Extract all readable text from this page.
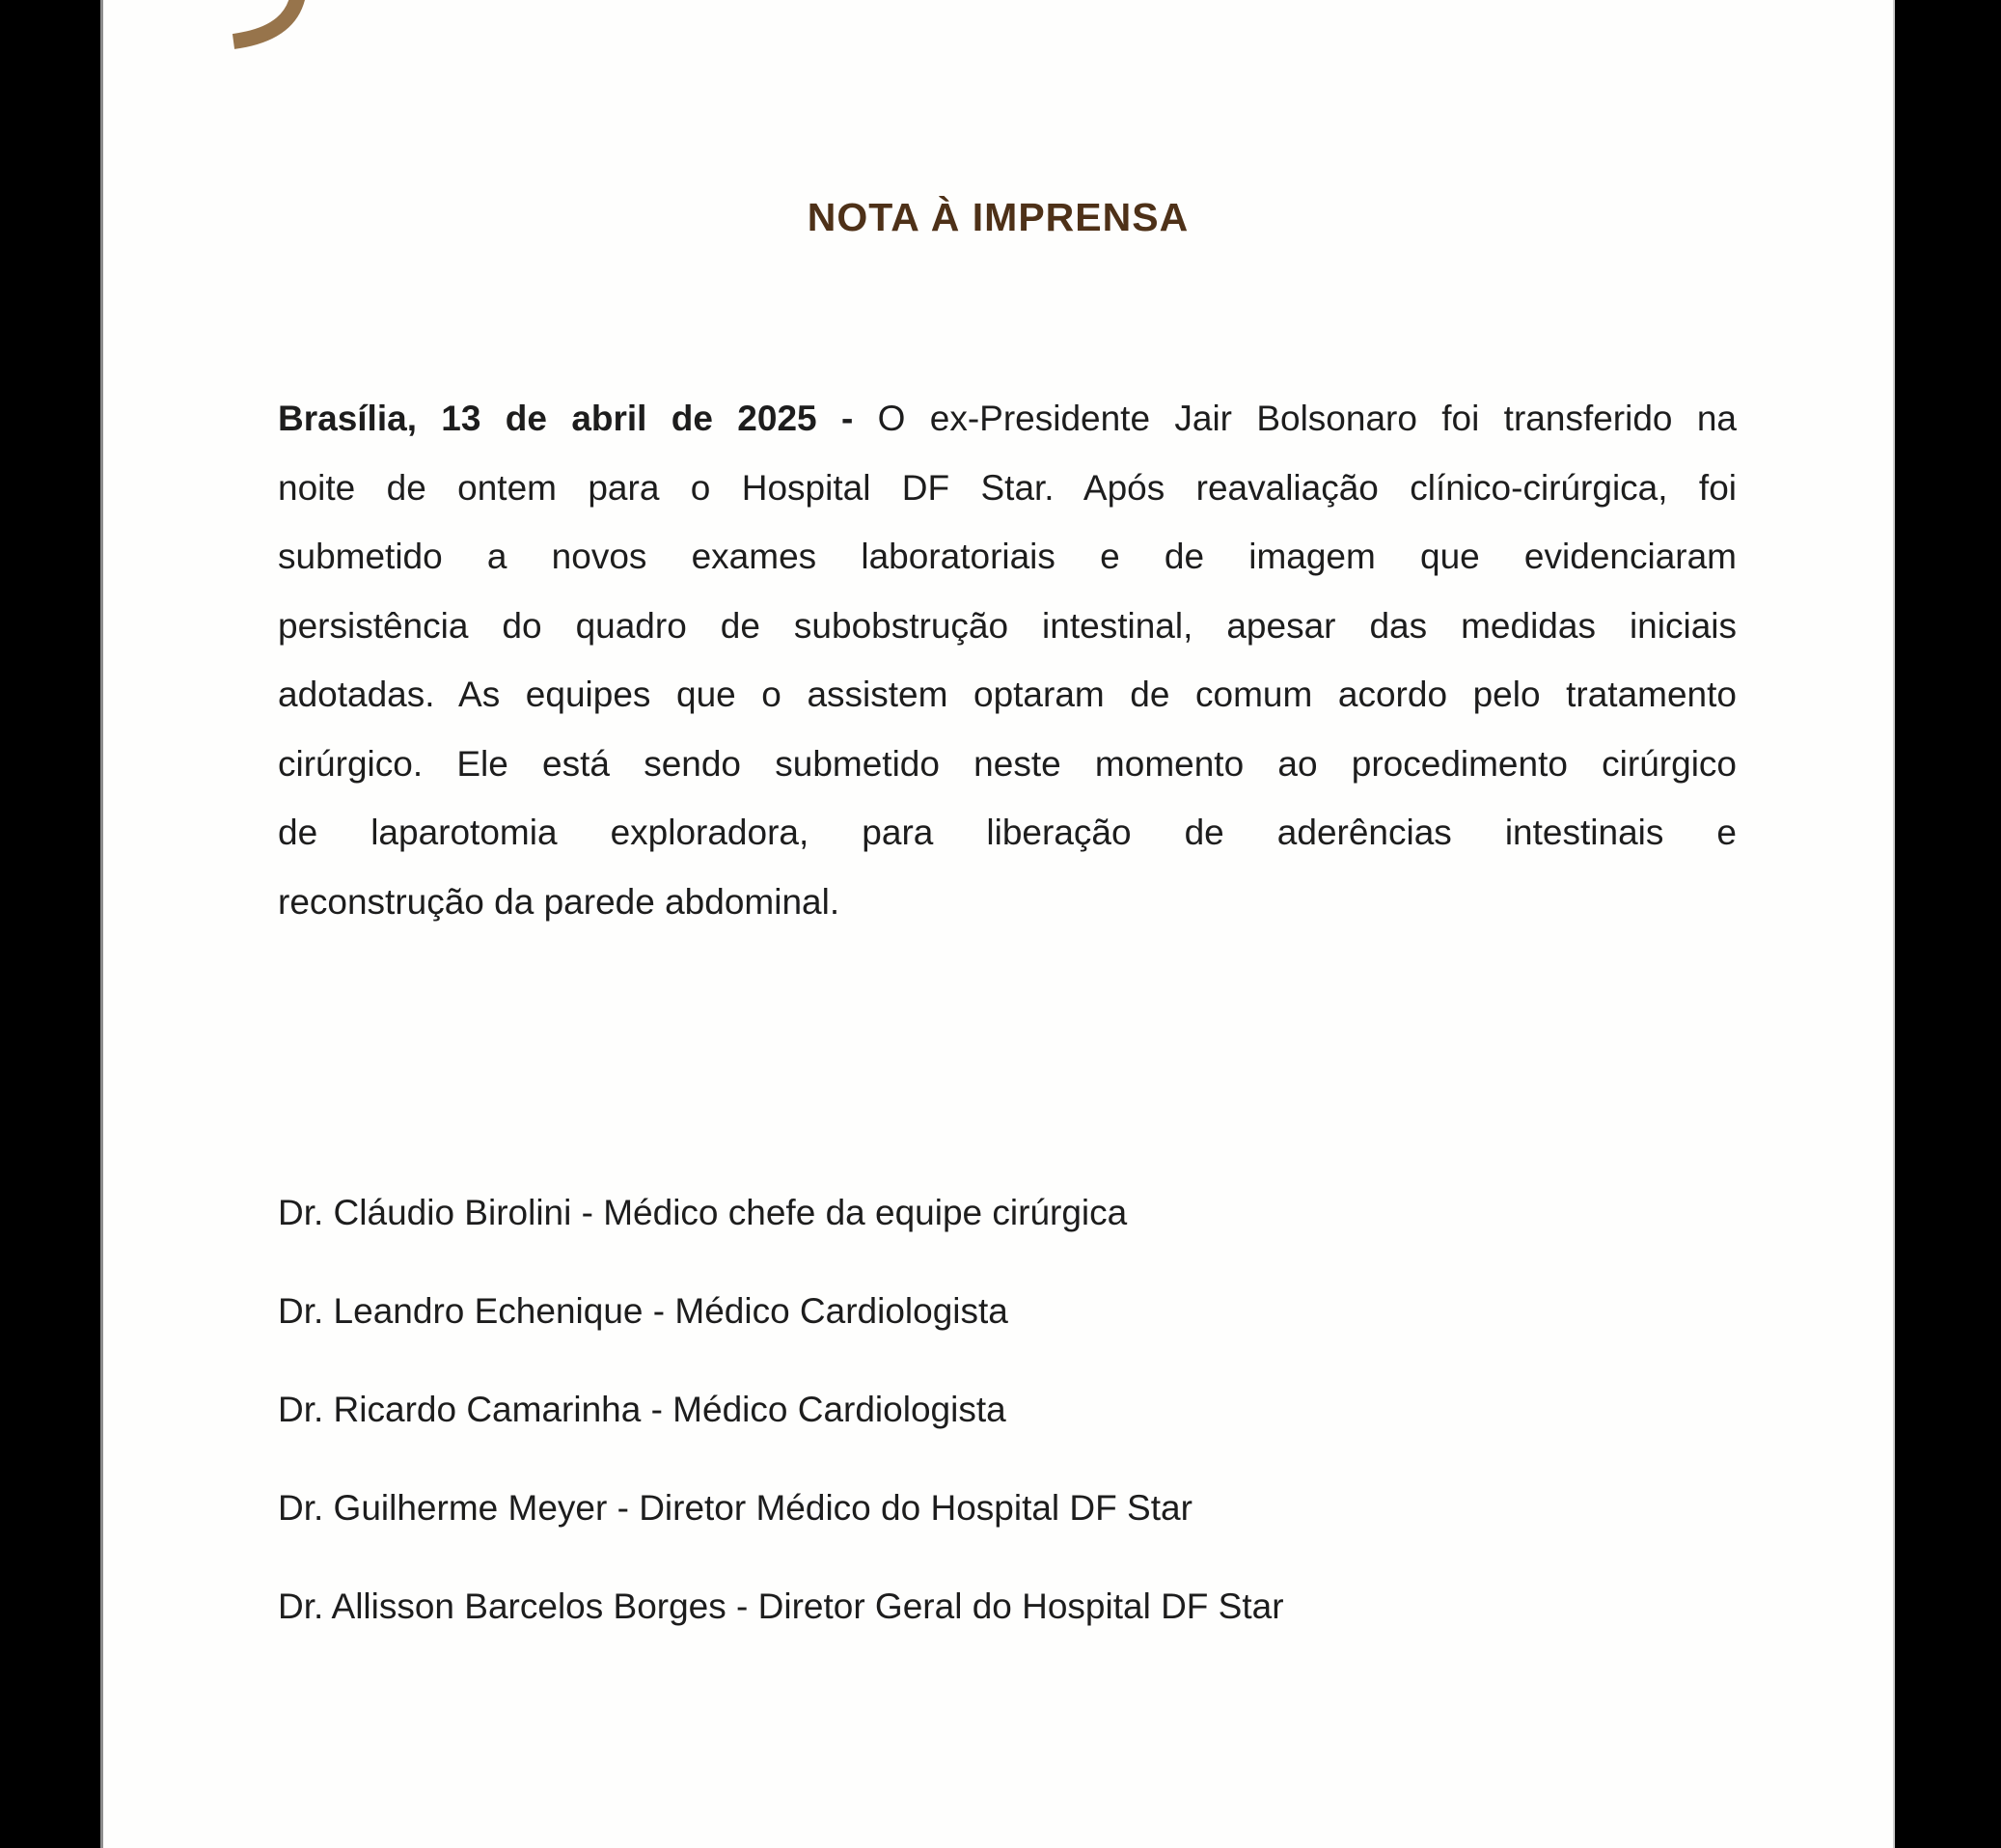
NOTA À IMPRENSA
Brasília, 13 de abril de 2025 - O ex-Presidente Jair Bolsonaro foi transferido na
noite de ontem para o Hospital DF Star. Após reavaliação clínico-cirúrgica, foi
submetido a novos exames laboratoriais e de imagem que evidenciaram
persistência do quadro de subobstrução intestinal, apesar das medidas iniciais
adotadas. As equipes que o assistem optaram de comum acordo pelo tratamento
cirúrgico. Ele está sendo submetido neste momento ao procedimento cirúrgico
de laparotomia exploradora, para liberação de aderências intestinais e
reconstrução da parede abdominal.
Dr. Cláudio Birolini - Médico chefe da equipe cirúrgica
Dr. Leandro Echenique - Médico Cardiologista
Dr. Ricardo Camarinha - Médico Cardiologista
Dr. Guilherme Meyer - Diretor Médico do Hospital DF Star
Dr. Allisson Barcelos Borges - Diretor Geral do Hospital DF Star
